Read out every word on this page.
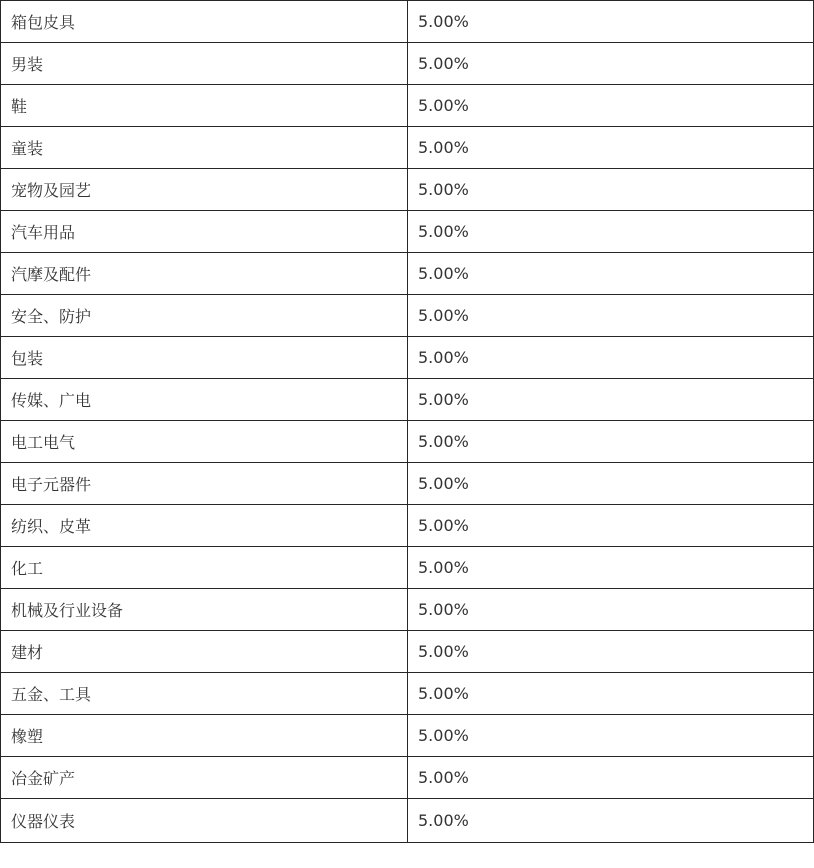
箱包皮具	5.00%
男装	5.00%
鞋	5.00%
童装	5.00%
宠物及园艺	5.00%
汽车用品	5.00%
汽摩及配件	5.00%
安全、防护	5.00%
包装	5.00%
传媒、广电	5.00%
电工电气	5.00%
电子元器件	5.00%
纺织、皮革	5.00%
化工	5.00%
机械及行业设备	5.00%
建材	5.00%
五金、工具	5.00%
橡塑	5.00%
冶金矿产	5.00%
仪器仪表	5.00%
